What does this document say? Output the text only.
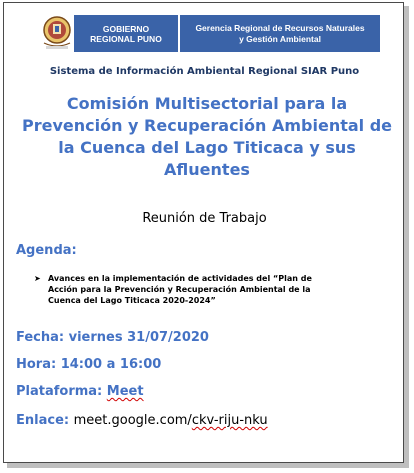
GOBIERNO
REGIONAL PUNO
Gerencia Regional de Recursos Naturales
y Gestión Ambiental
Sistema de Información Ambiental Regional SIAR Puno
Comisión Multisectorial para la
Prevención y Recuperación Ambiental de
la Cuenca del Lago Titicaca y sus
Afluentes
Reunión de Trabajo
Agenda:
➤ Avances en la implementación de actividades del “Plan de
Acción para la Prevención y Recuperación Ambiental de la
Cuenca del Lago Titicaca 2020-2024”
Fecha: viernes 31/07/2020
Hora: 14:00 a 16:00
Plataforma: Meet
Enlace: meet.google.com/ckv-riju-nku
